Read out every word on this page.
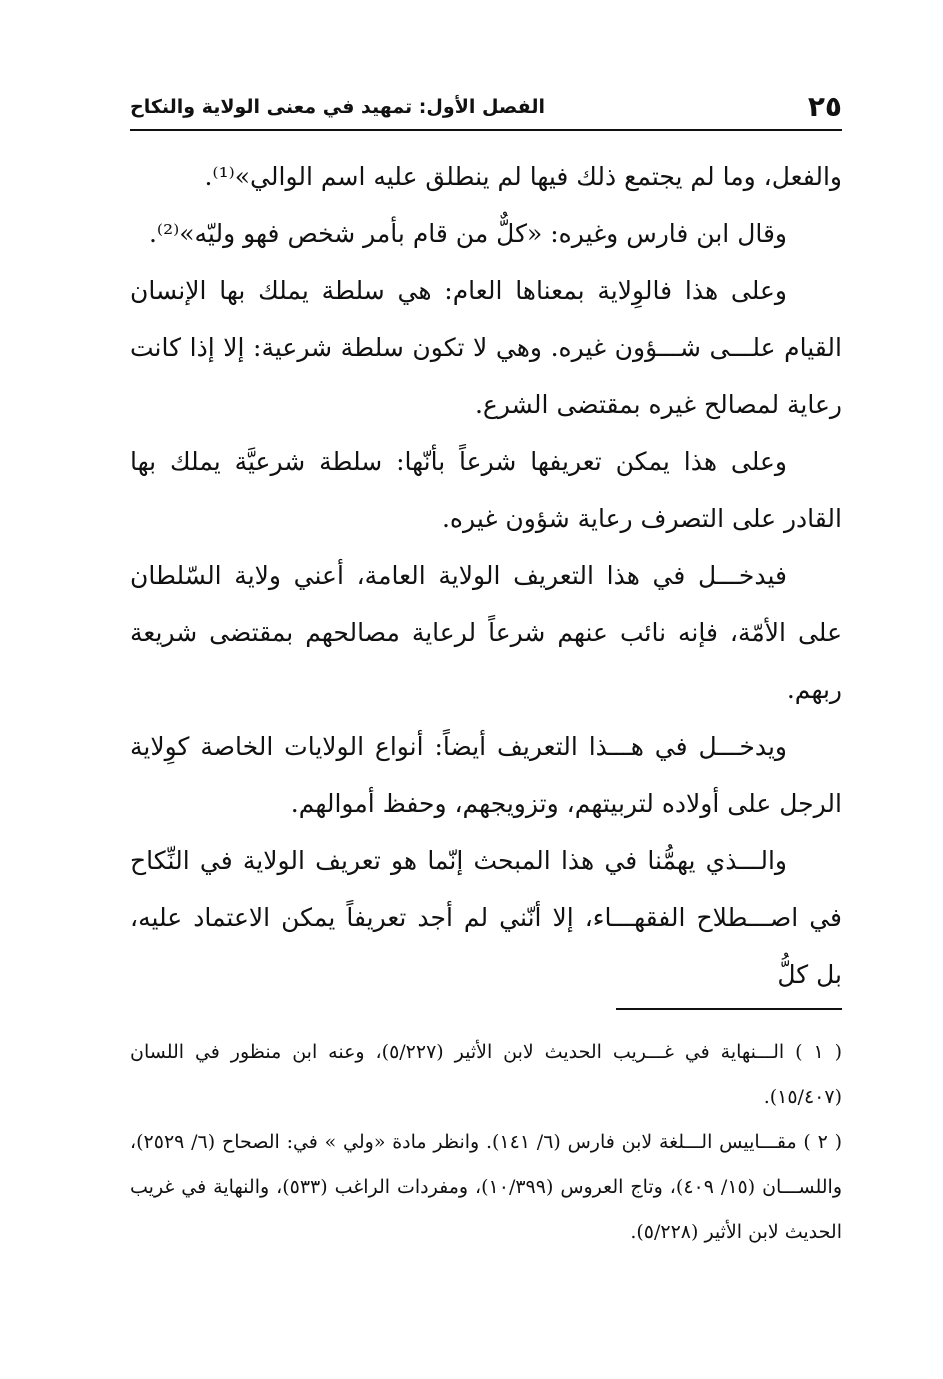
٢٥
الفصل الأول: تمهيد في معنى الولاية والنكاح

والفعل، وما لم يجتمع ذلك فيها لم ينطلق عليه اسم الوالي»⁽¹⁾.

وقال ابن فارس وغيره: «كلٌّ من قام بأمر شخص فهو وليّه»⁽²⁾.

وعلى هذا فالوِلاية بمعناها العام: هي سلطة يملك بها الإنسان القيام علـــى شـــؤون غيره. وهي لا تكون سلطة شرعية: إلا إذا كانت رعاية لمصالح غيره بمقتضى الشرع.

وعلى هذا يمكن تعريفها شرعاً بأنّها: سلطة شرعيَّة يملك بها القادر على التصرف رعاية شؤون غيره.

فيدخـــل في هذا التعريف الولاية العامة، أعني ولاية السّلطان على الأمّة، فإنه نائب عنهم شرعاً لرعاية مصالحهم بمقتضى شريعة ربهم.

ويدخـــل في هـــذا التعريف أيضاً: أنواع الولايات الخاصة كوِلاية الرجل على أولاده لتربيتهم، وتزويجهم، وحفظ أموالهم.

والـــذي يهمُّنا في هذا المبحث إنّما هو تعريف الولاية في النِّكاح في اصـــطلاح الفقهـــاء، إلا أنّني لم أجد تعريفاً يمكن الاعتماد عليه، بل كلُّ

( ١ ) الـــنهاية في غـــريب الحديث لابن الأثير (٥/٢٢٧)، وعنه ابن منظور في اللسان (١٥/٤٠٧).

( ٢ ) مقـــاييس الـــلغة لابن فارس (٦/ ١٤١). وانظر مادة «ولي » في: الصحاح (٦/ ٢٥٢٩)، واللســـان (١٥/ ٤٠٩)، وتاج العروس (١٠/٣٩٩)، ومفردات الراغب (٥٣٣)، والنهاية في غريب الحديث لابن الأثير (٥/٢٢٨).
